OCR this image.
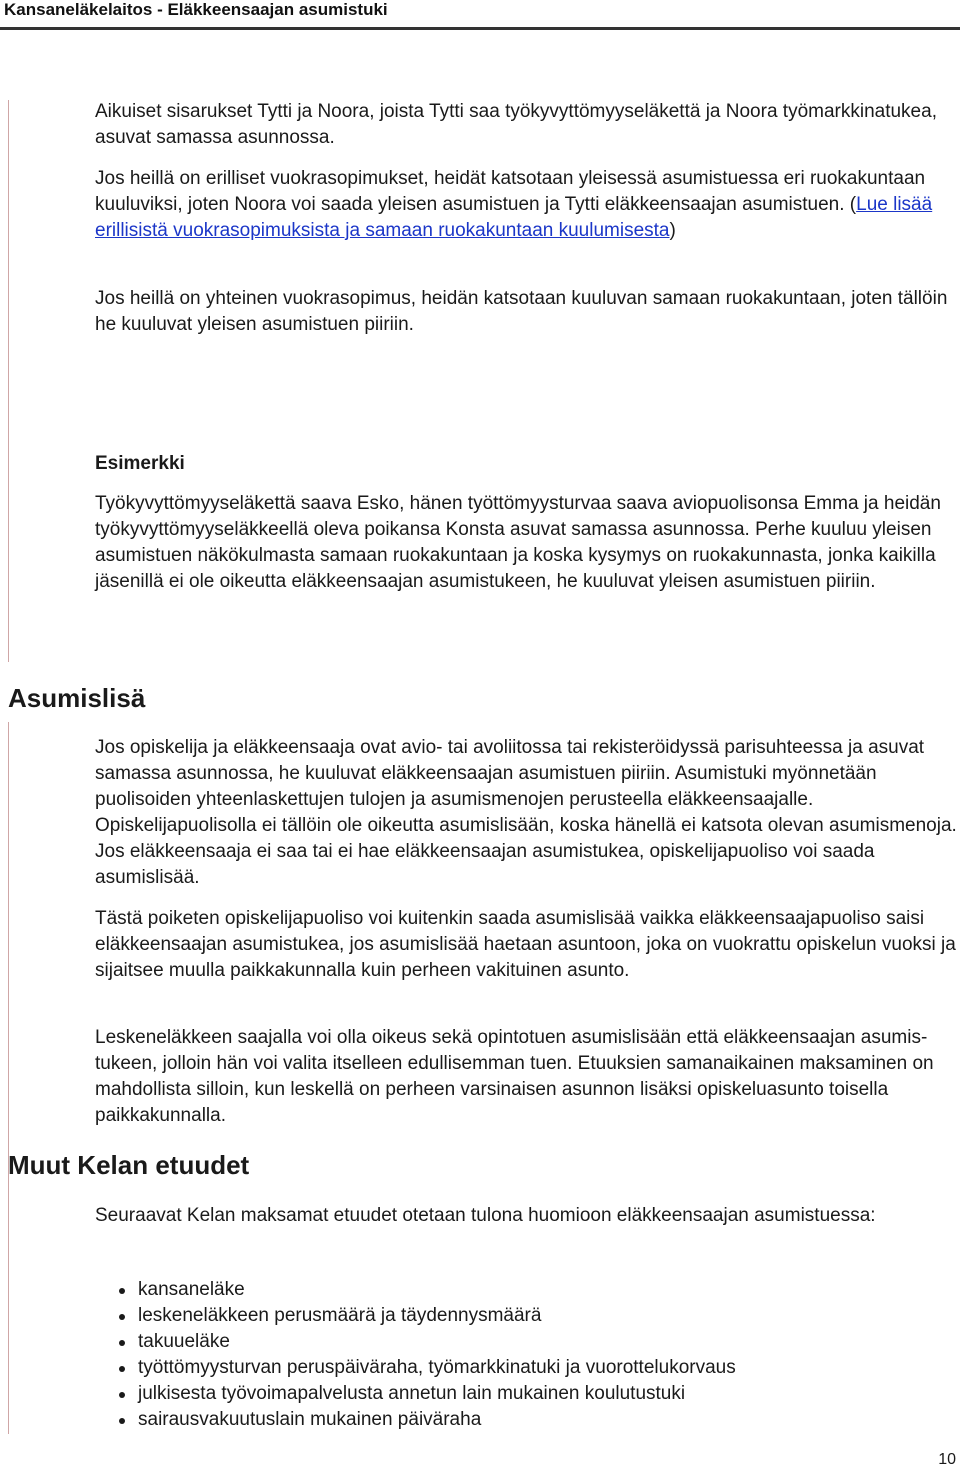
Kansaneläkelaitos - Eläkkeensaajan asumistuki

Aikuiset sisarukset Tytti ja Noora, joista Tytti saa työkyvyttömyyseläkettä ja Noora työmarkkinatukea, asuvat samassa asunnossa.

Jos heillä on erilliset vuokrasopimukset, heidät katsotaan yleisessä asumistuessa eri ruokakuntaan kuuluviksi, joten Noora voi saada yleisen asumistuen ja Tytti eläkkeensaajan asumistuen. (Lue lisää erillisistä vuokrasopimuksista ja samaan ruokakuntaan kuulumisesta)

Jos heillä on yhteinen vuokrasopimus, heidän katsotaan kuuluvan samaan ruokakuntaan, joten tällöin he kuuluvat yleisen asumistuen piiriin.

Esimerkki

Työkyvyttömyyseläkettä saava Esko, hänen työttömyysturvaa saava aviopuolisonsa Emma ja heidän työkyvyttömyyseläkkeellä oleva poikansa Konsta asuvat samassa asunnossa. Perhe kuuluu yleisen asumistuen näkökulmasta samaan ruokakuntaan ja koska kysymys on ruokakunnasta, jonka kaikilla jäsenillä ei ole oikeutta eläkkeensaajan asumistukeen, he kuuluvat yleisen asumistuen piiriin.

Asumislisä

Jos opiskelija ja eläkkeensaaja ovat avio- tai avoliitossa tai rekisteröidyssä parisuhteessa ja asuvat samassa asunnossa, he kuuluvat eläkkeensaajan asumistuen piiriin. Asumistuki myönnetään puolisoiden yhteenlaskettujen tulojen ja asumismenojen perusteella eläkkeensaajalle. Opiskelijapuolisolla ei tällöin ole oikeutta asumislisään, koska hänellä ei katsota olevan asumismenoja. Jos eläkkeensaaja ei saa tai ei hae eläkkeensaajan asumistukea, opiskelijapuoliso voi saada asumislisää.

Tästä poiketen opiskelijapuoliso voi kuitenkin saada asumislisää vaikka eläkkeensaajapuoliso saisi eläkkeensaajan asumistukea, jos asumislisää haetaan asuntoon, joka on vuokrattu opiskelun vuoksi ja sijaitsee muulla paikkakunnalla kuin perheen vakituinen asunto.

Leskeneläkkeen saajalla voi olla oikeus sekä opintotuen asumislisään että eläkkeensaajan asumis-tukeen, jolloin hän voi valita itselleen edullisemman tuen. Etuuksien samanaikainen maksaminen on mahdollista silloin, kun leskellä on perheen varsinaisen asunnon lisäksi opiskeluasunto toisella paikkakunnalla.

Muut Kelan etuudet

Seuraavat Kelan maksamat etuudet otetaan tulona huomioon eläkkeensaajan asumistuessa:

kansaneläke
leskeneläkkeen perusmäärä ja täydennysmäärä
takuueläke
työttömyysturvan peruspäiväraha, työmarkkinatuki ja vuorottelukorvaus
julkisesta työvoimapalvelusta annetun lain mukainen koulutustuki
sairausvakuutuslain mukainen päiväraha
10
